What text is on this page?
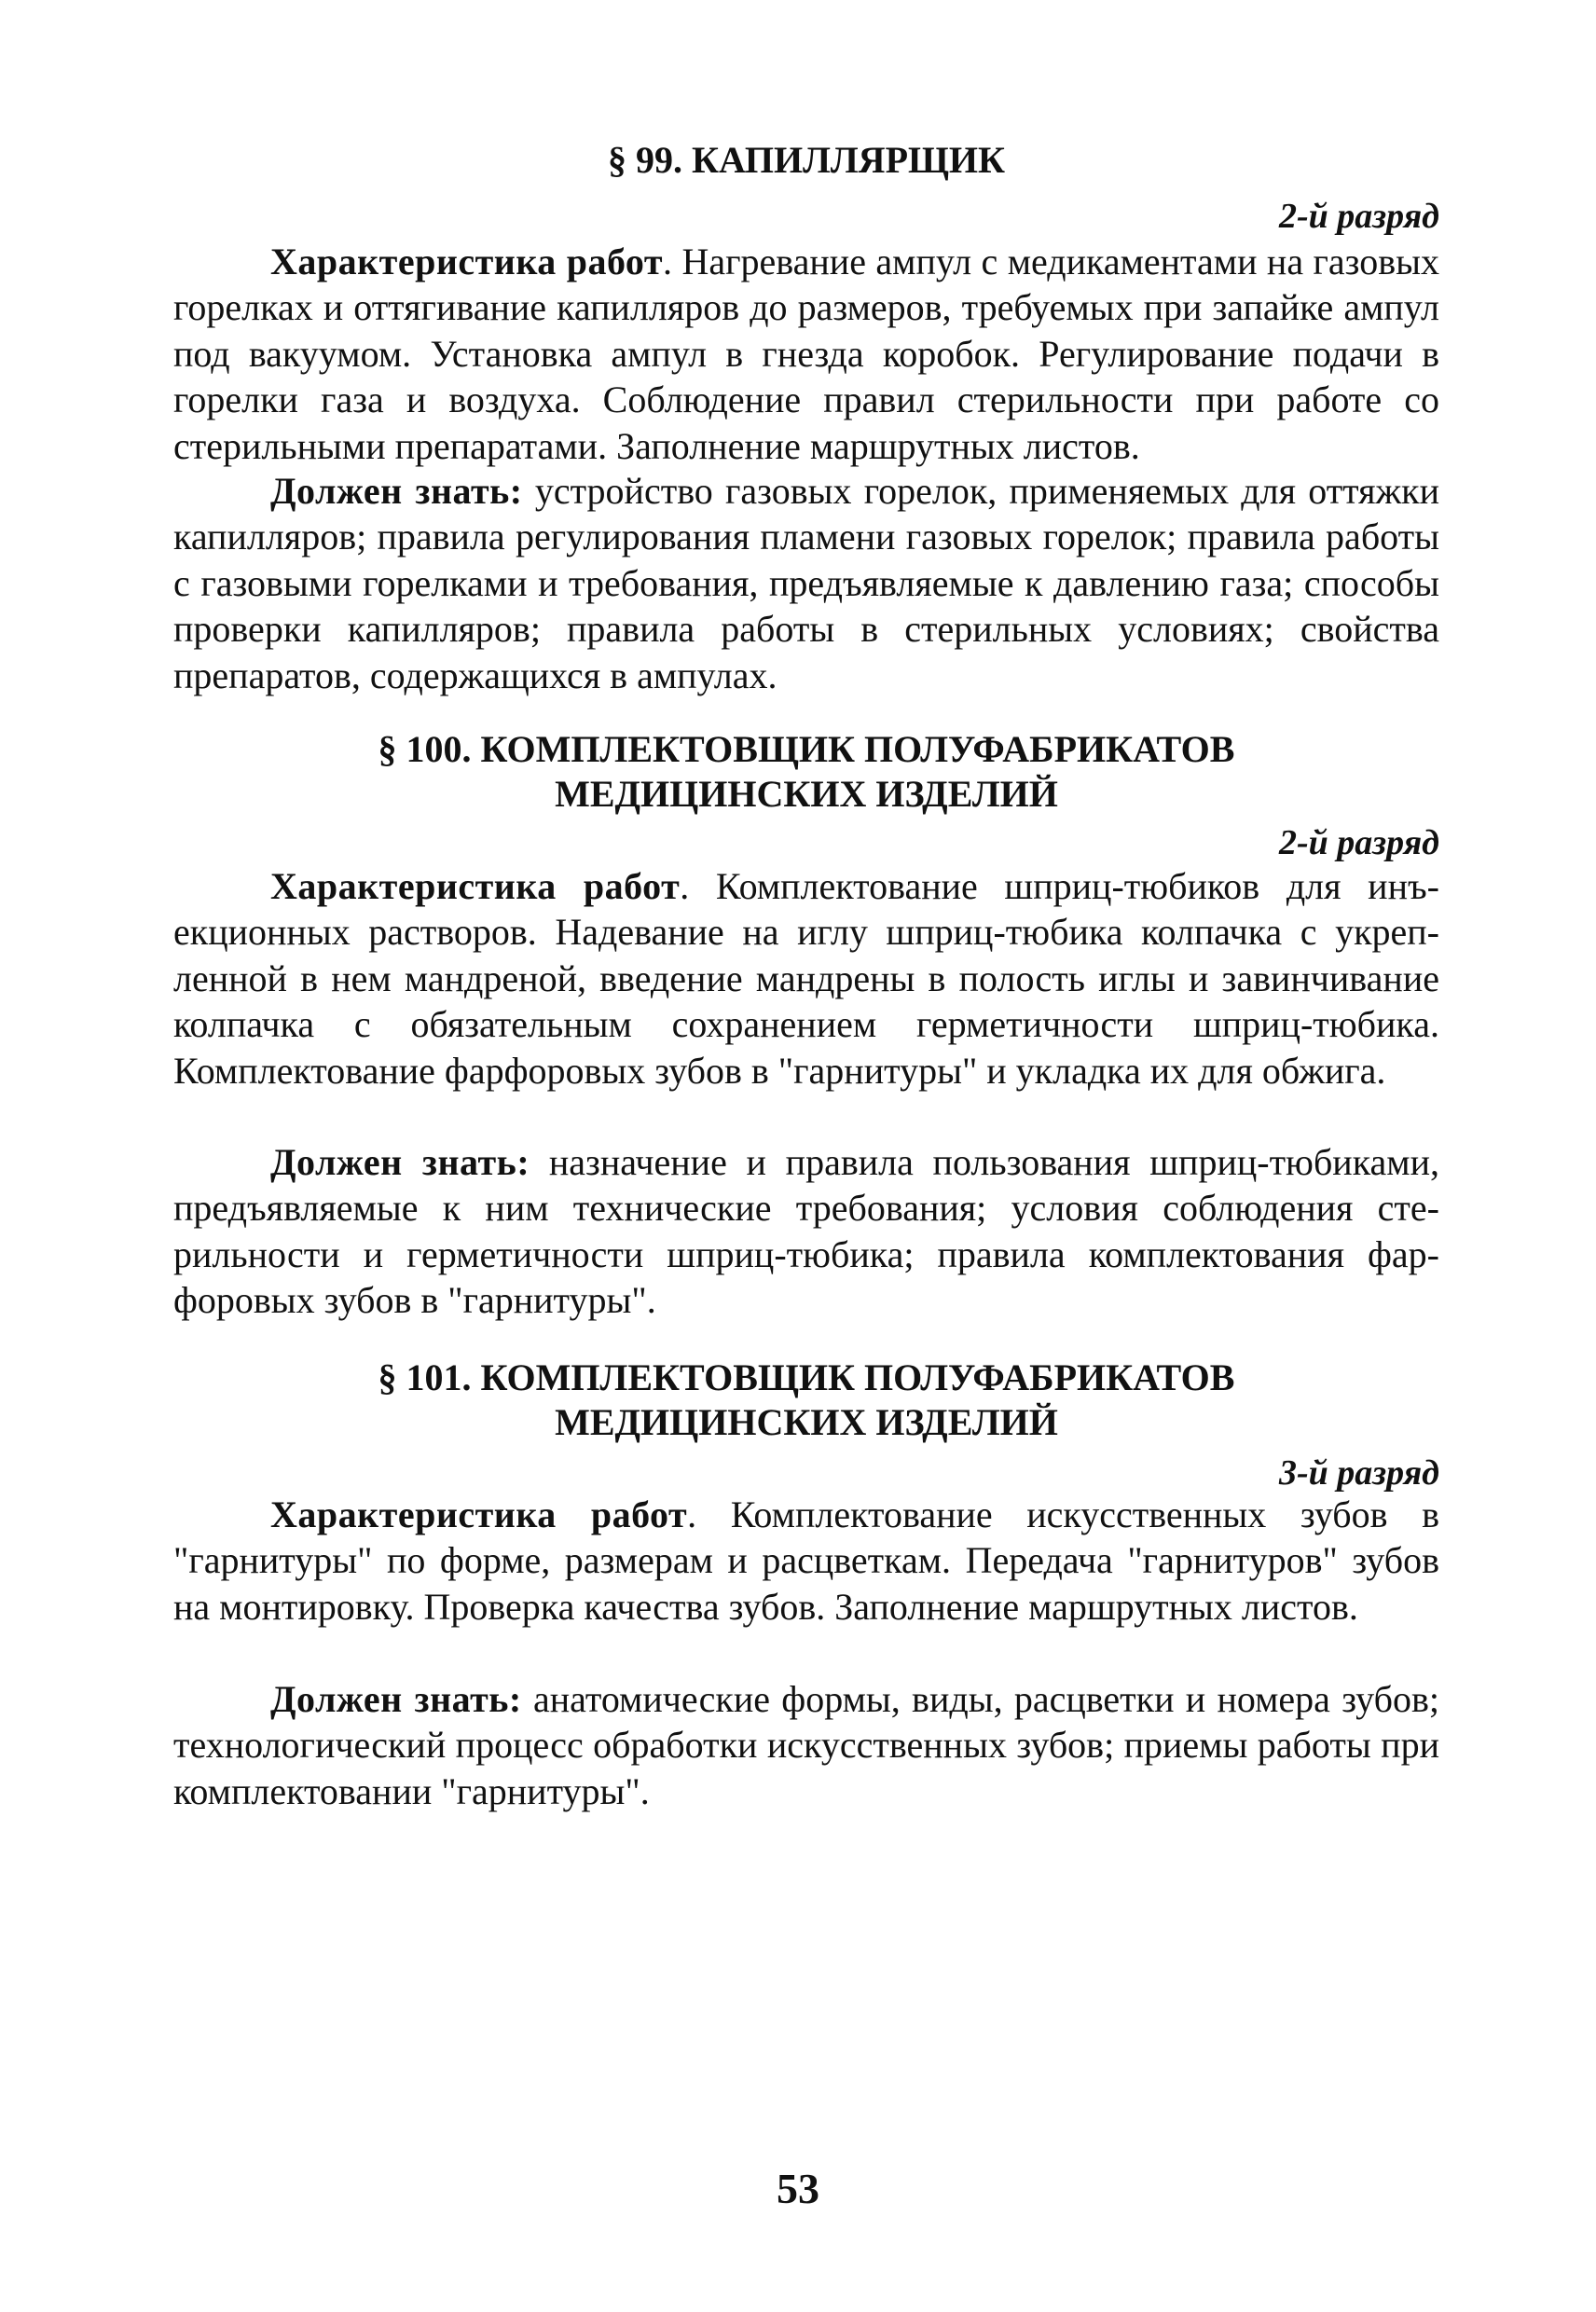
§ 99. КАПИЛЛЯРЩИК

2-й разряд

Характеристика работ. Нагревание ампул с медикаментами на газовых горелках и оттягивание капилляров до размеров, требуемых при запайке ампул под вакуумом. Установка ампул в гнезда коробок. Регулирование подачи в горелки газа и воздуха. Соблюдение правил стерильности при работе со стерильными препаратами. Заполнение маршрутных листов.

Должен знать: устройство газовых горелок, применяемых для оттяжки капилляров; правила регулирования пламени газовых горелок; правила работы с газовыми горелками и требования, предъявляемые к давлению газа; способы проверки капилляров; правила работы в стерильных условиях; свойства препаратов, содержащихся в ампулах.

§ 100. КОМПЛЕКТОВЩИК ПОЛУФАБРИКАТОВ
МЕДИЦИНСКИХ ИЗДЕЛИЙ

2-й разряд

Характеристика работ. Комплектование шприц-тюбиков для инъекционных растворов. Надевание на иглу шприц-тюбика колпачка с укрепленной в нем мандреной, введение мандрены в полость иглы и завинчивание колпачка с обязательным сохранением герметичности шприц-тюбика. Комплектование фарфоровых зубов в "гарнитуры" и укладка их для обжига.

Должен знать: назначение и правила пользования шприц-тюбиками, предъявляемые к ним технические требования; условия соблюдения стерильности и герметичности шприц-тюбика; правила комплектования фарфоровых зубов в "гарнитуры".

§ 101. КОМПЛЕКТОВЩИК ПОЛУФАБРИКАТОВ
МЕДИЦИНСКИХ ИЗДЕЛИЙ

3-й разряд

Характеристика работ. Комплектование искусственных зубов в "гарнитуры" по форме, размерам и расцветкам. Передача "гарнитуров" зубов на монтировку. Проверка качества зубов. Заполнение маршрутных листов.

Должен знать: анатомические формы, виды, расцветки и номера зубов; технологический процесс обработки искусственных зубов; приемы работы при комплектовании "гарнитуры".

53
